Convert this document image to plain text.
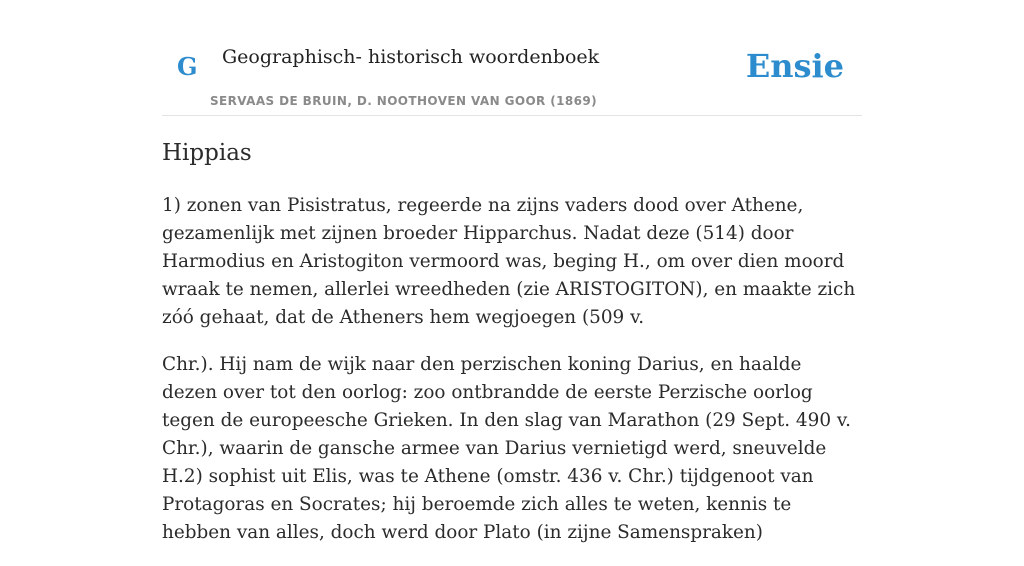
G Geographisch- historisch woordenboek
SERVAAS DE BRUIN, D. NOOTHOVEN VAN GOOR (1869)
Ensie
Hippias

1) zonen van Pisistratus, regeerde na zijns vaders dood over Athene, gezamenlijk met zijnen broeder Hipparchus. Nadat deze (514) door Harmodius en Aristogiton vermoord was, beging H., om over dien moord wraak te nemen, allerlei wreedheden (zie ARISTOGITON), en maakte zich zóó gehaat, dat de Atheners hem wegjoegen (509 v.

Chr.). Hij nam de wijk naar den perzischen koning Darius, en haalde dezen over tot den oorlog: zoo ontbrandde de eerste Perzische oorlog tegen de europeesche Grieken. In den slag van Marathon (29 Sept. 490 v. Chr.), waarin de gansche armee van Darius vernietigd werd, sneuvelde H.2) sophist uit Elis, was te Athene (omstr. 436 v. Chr.) tijdgenoot van Protagoras en Socrates; hij beroemde zich alles te weten, kennis te hebben van alles, doch werd door Plato (in zijne Samenspraken)
